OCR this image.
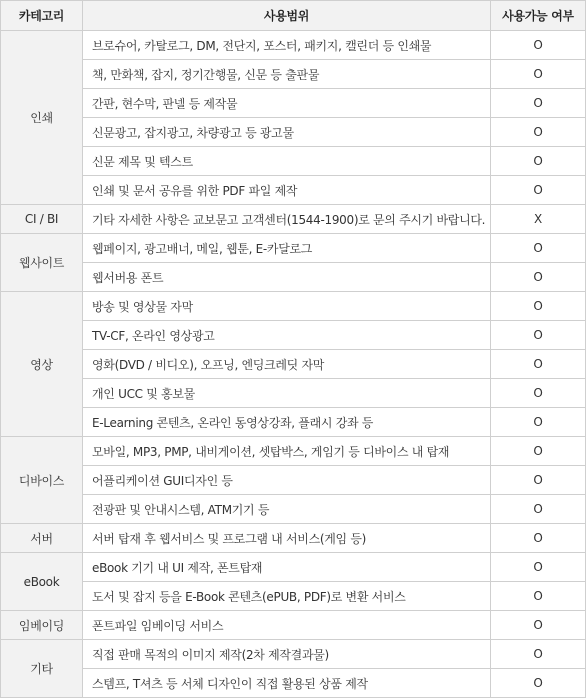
카테고리	사용범위	사용가능 여부
인쇄	브로슈어, 카탈로그, DM, 전단지, 포스터, 패키지, 캘린더 등 인쇄물	O
	책, 만화책, 잡지, 정기간행물, 신문 등 출판물	O
	간판, 현수막, 판넬 등 제작물	O
	신문광고, 잡지광고, 차량광고 등 광고물	O
	신문 제목 및 텍스트	O
	인쇄 및 문서 공유를 위한 PDF 파일 제작	O
CI / BI	기타 자세한 사항은 교보문고 고객센터(1544-1900)로 문의 주시기 바랍니다.	X
웹사이트	웹페이지, 광고배너, 메일, 웹툰, E-카달로그	O
	웹서버용 폰트	O
영상	방송 및 영상물 자막	O
	TV-CF, 온라인 영상광고	O
	영화(DVD / 비디오), 오프닝, 엔딩크레딧 자막	O
	개인 UCC 및 홍보물	O
	E-Learning 콘텐츠, 온라인 동영상강좌, 플래시 강좌 등	O
디바이스	모바일, MP3, PMP, 내비게이션, 셋탑박스, 게임기 등 디바이스 내 탑재	O
	어플리케이션 GUI디자인 등	O
	전광판 및 안내시스템, ATM기기 등	O
서버	서버 탑재 후 웹서비스 및 프로그램 내 서비스(게임 등)	O
eBook	eBook 기기 내 UI 제작, 폰트탑재	O
	도서 및 잡지 등을 E-Book 콘텐츠(ePUB, PDF)로 변환 서비스	O
임베이딩	폰트파일 임베이딩 서비스	O
기타	직접 판매 목적의 이미지 제작(2차 제작결과물)	O
	스템프, T셔츠 등 서체 디자인이 직접 활용된 상품 제작	O
